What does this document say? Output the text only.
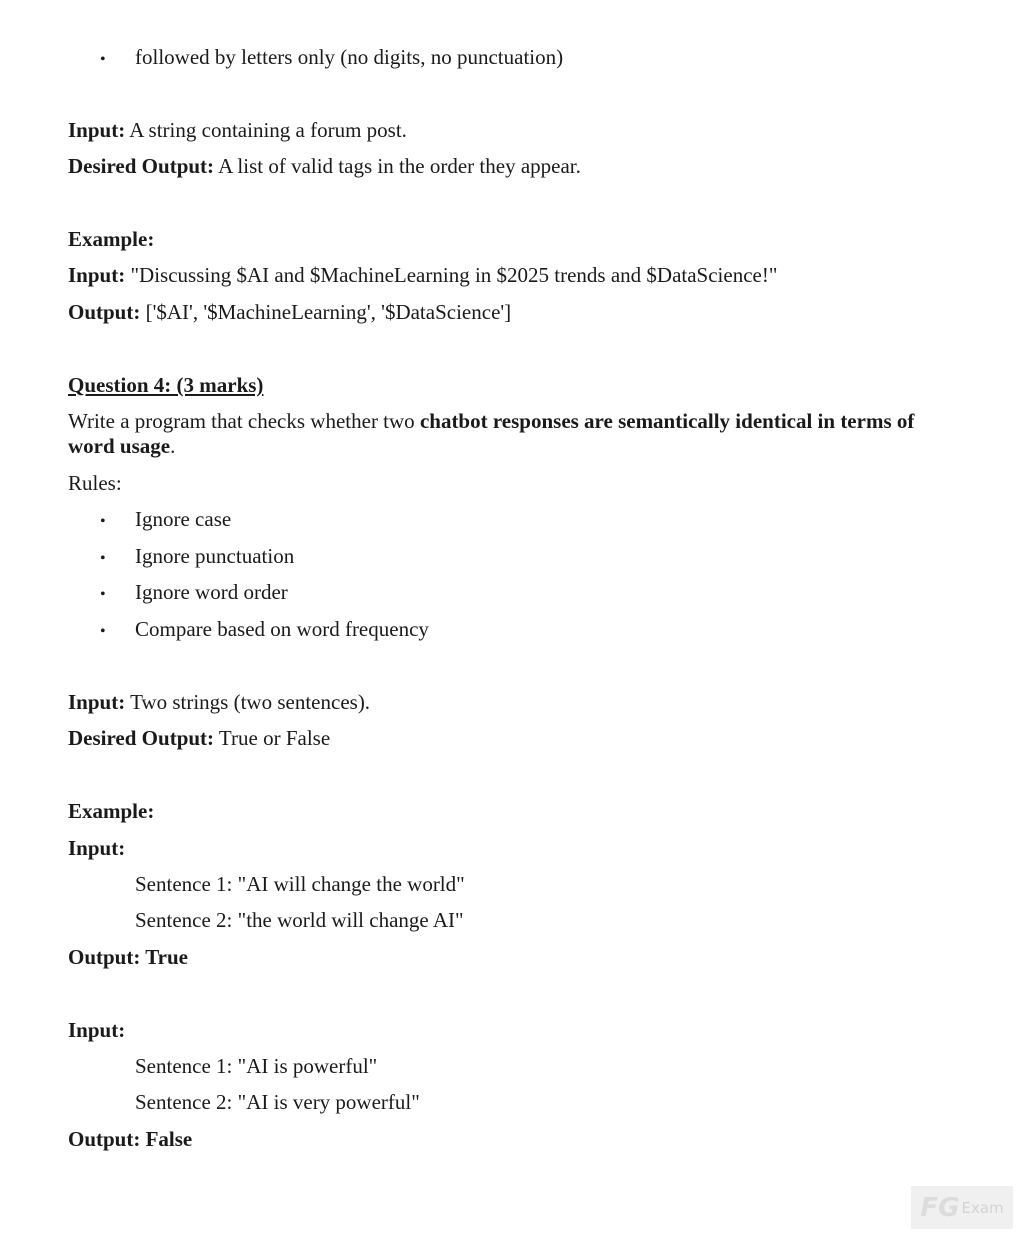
• followed by letters only (no digits, no punctuation)
Input: A string containing a forum post.
Desired Output: A list of valid tags in the order they appear.
Example:
Input: "Discussing $AI and $MachineLearning in $2025 trends and $DataScience!"
Output: ['$AI', '$MachineLearning', '$DataScience']
Question 4: (3 marks)
Write a program that checks whether two chatbot responses are semantically identical in terms of word usage.
Rules:
• Ignore case
• Ignore punctuation
• Ignore word order
• Compare based on word frequency
Input: Two strings (two sentences).
Desired Output: True or False
Example:
Input:
Sentence 1: "AI will change the world"
Sentence 2: "the world will change AI"
Output: True
Input:
Sentence 1: "AI is powerful"
Sentence 2: "AI is very powerful"
Output: False
FG Exam
